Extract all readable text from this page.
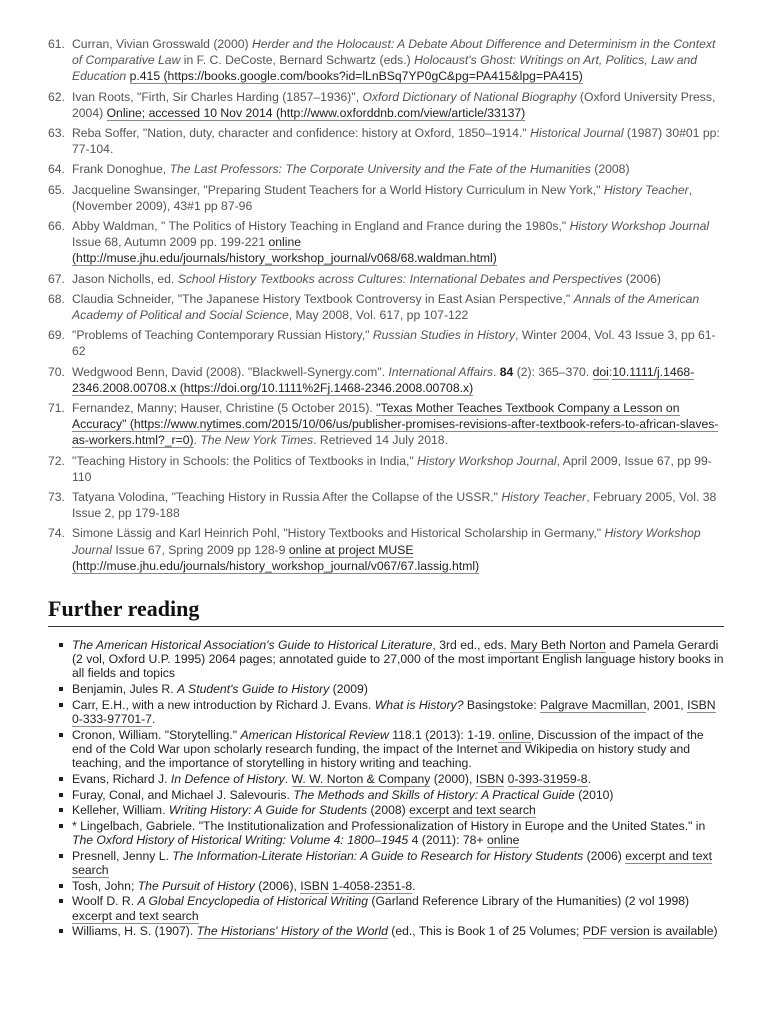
61. Curran, Vivian Grosswald (2000) Herder and the Holocaust: A Debate About Difference and Determinism in the Context of Comparative Law in F. C. DeCoste, Bernard Schwartz (eds.) Holocaust's Ghost: Writings on Art, Politics, Law and Education p.415 (https://books.google.com/books?id=lLnBSq7YP0gC&pg=PA415&lpg=PA415)
62. Ivan Roots, "Firth, Sir Charles Harding (1857–1936)", Oxford Dictionary of National Biography (Oxford University Press, 2004) Online; accessed 10 Nov 2014 (http://www.oxforddnb.com/view/article/33137)
63. Reba Soffer, "Nation, duty, character and confidence: history at Oxford, 1850–1914." Historical Journal (1987) 30#01 pp: 77-104.
64. Frank Donoghue, The Last Professors: The Corporate University and the Fate of the Humanities (2008)
65. Jacqueline Swansinger, "Preparing Student Teachers for a World History Curriculum in New York," History Teacher, (November 2009), 43#1 pp 87-96
66. Abby Waldman, " The Politics of History Teaching in England and France during the 1980s," History Workshop Journal Issue 68, Autumn 2009 pp. 199-221 online (http://muse.jhu.edu/journals/history_workshop_journal/v068/68.waldman.html)
67. Jason Nicholls, ed. School History Textbooks across Cultures: International Debates and Perspectives (2006)
68. Claudia Schneider, "The Japanese History Textbook Controversy in East Asian Perspective," Annals of the American Academy of Political and Social Science, May 2008, Vol. 617, pp 107-122
69. "Problems of Teaching Contemporary Russian History," Russian Studies in History, Winter 2004, Vol. 43 Issue 3, pp 61-62
70. Wedgwood Benn, David (2008). "Blackwell-Synergy.com". International Affairs. 84 (2): 365–370. doi:10.1111/j.1468-2346.2008.00708.x (https://doi.org/10.1111%2Fj.1468-2346.2008.00708.x)
71. Fernandez, Manny; Hauser, Christine (5 October 2015). "Texas Mother Teaches Textbook Company a Lesson on Accuracy" (https://www.nytimes.com/2015/10/06/us/publisher-promises-revisions-after-textbook-refers-to-african-slaves-as-workers.html?_r=0). The New York Times. Retrieved 14 July 2018.
72. "Teaching History in Schools: the Politics of Textbooks in India," History Workshop Journal, April 2009, Issue 67, pp 99-110
73. Tatyana Volodina, "Teaching History in Russia After the Collapse of the USSR," History Teacher, February 2005, Vol. 38 Issue 2, pp 179-188
74. Simone Lässig and Karl Heinrich Pohl, "History Textbooks and Historical Scholarship in Germany," History Workshop Journal Issue 67, Spring 2009 pp 128-9 online at project MUSE (http://muse.jhu.edu/journals/history_workshop_journal/v067/67.lassig.html)
Further reading
The American Historical Association's Guide to Historical Literature, 3rd ed., eds. Mary Beth Norton and Pamela Gerardi (2 vol, Oxford U.P. 1995) 2064 pages; annotated guide to 27,000 of the most important English language history books in all fields and topics
Benjamin, Jules R. A Student's Guide to History (2009)
Carr, E.H., with a new introduction by Richard J. Evans. What is History? Basingstoke: Palgrave Macmillan, 2001, ISBN 0-333-97701-7.
Cronon, William. "Storytelling." American Historical Review 118.1 (2013): 1-19. online, Discussion of the impact of the end of the Cold War upon scholarly research funding, the impact of the Internet and Wikipedia on history study and teaching, and the importance of storytelling in history writing and teaching.
Evans, Richard J. In Defence of History. W. W. Norton & Company (2000), ISBN 0-393-31959-8.
Furay, Conal, and Michael J. Salevouris. The Methods and Skills of History: A Practical Guide (2010)
Kelleher, William. Writing History: A Guide for Students (2008) excerpt and text search
* Lingelbach, Gabriele. "The Institutionalization and Professionalization of History in Europe and the United States." in The Oxford History of Historical Writing: Volume 4: 1800–1945 4 (2011): 78+ online
Presnell, Jenny L. The Information-Literate Historian: A Guide to Research for History Students (2006) excerpt and text search
Tosh, John; The Pursuit of History (2006), ISBN 1-4058-2351-8.
Woolf D. R. A Global Encyclopedia of Historical Writing (Garland Reference Library of the Humanities) (2 vol 1998) excerpt and text search
Williams, H. S. (1907). The Historians' History of the World (ed., This is Book 1 of 25 Volumes; PDF version is available)
